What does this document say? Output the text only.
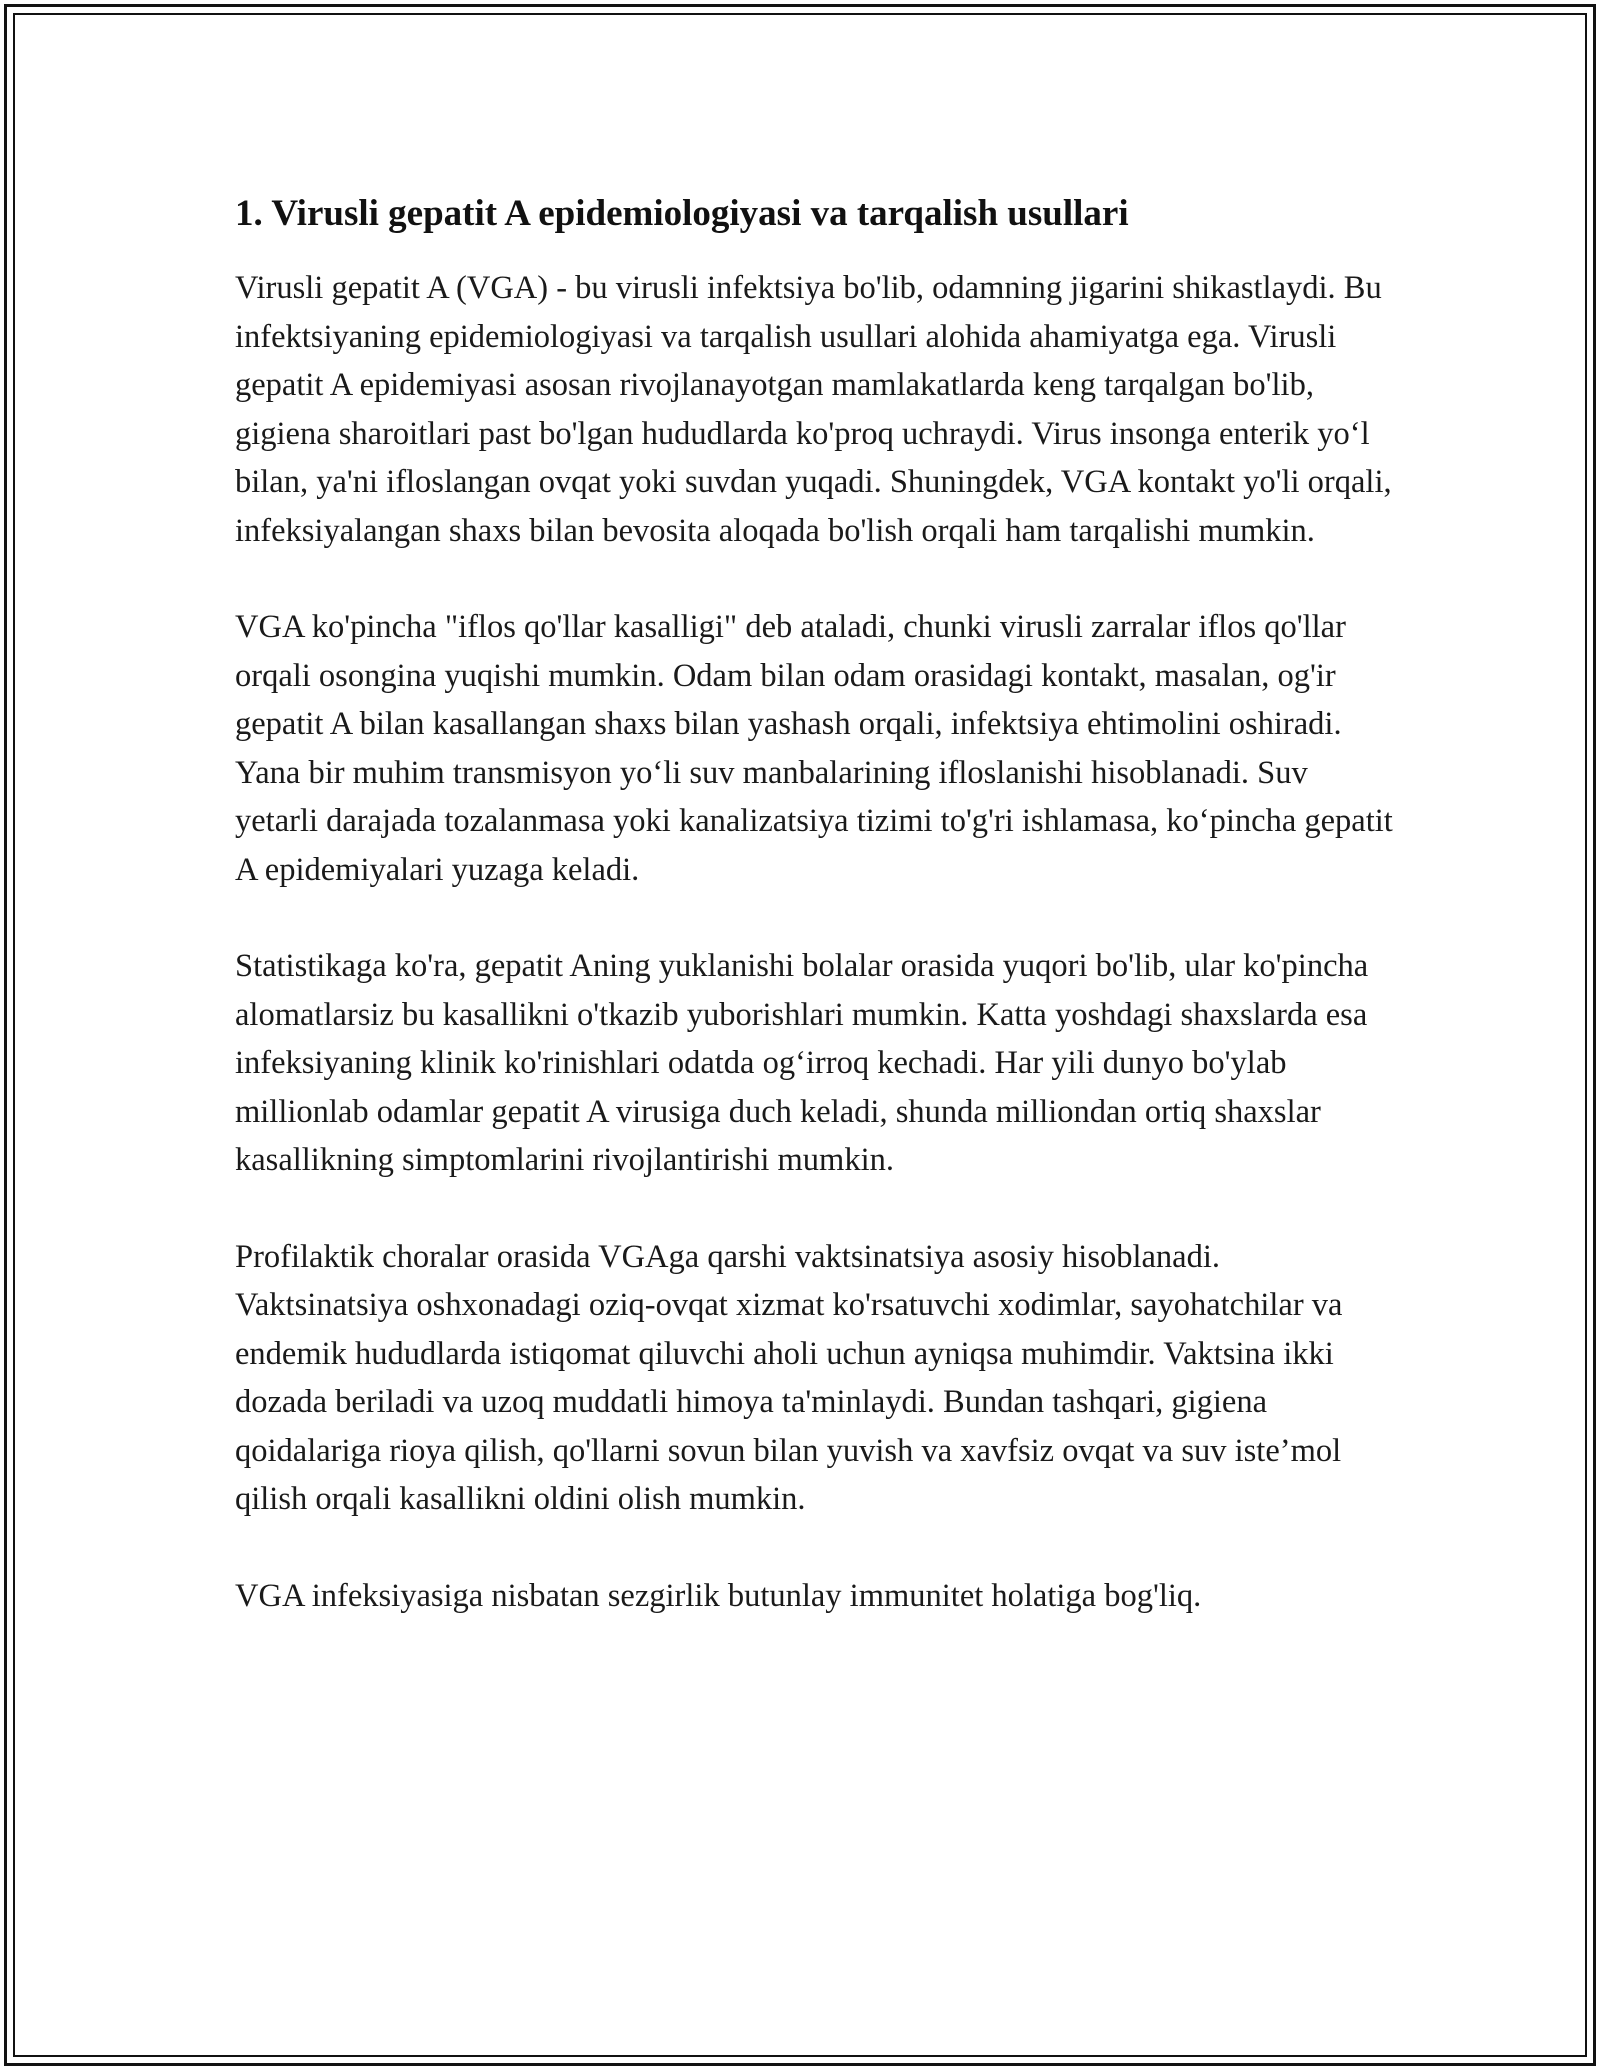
1. Virusli gepatit A epidemiologiyasi va tarqalish usullari

Virusli gepatit A (VGA) - bu virusli infektsiya bo'lib, odamning jigarini shikastlaydi. Bu infektsiyaning epidemiologiyasi va tarqalish usullari alohida ahamiyatga ega. Virusli gepatit A epidemiyasi asosan rivojlanayotgan mamlakatlarda keng tarqalgan bo'lib, gigiena sharoitlari past bo'lgan hududlarda ko'proq uchraydi. Virus insonga enterik yo‘l bilan, ya'ni ifloslangan ovqat yoki suvdan yuqadi. Shuningdek, VGA kontakt yo'li orqali, infeksiyalangan shaxs bilan bevosita aloqada bo'lish orqali ham tarqalishi mumkin.

VGA ko'pincha "iflos qo'llar kasalligi" deb ataladi, chunki virusli zarralar iflos qo'llar orqali osongina yuqishi mumkin. Odam bilan odam orasidagi kontakt, masalan, og'ir gepatit A bilan kasallangan shaxs bilan yashash orqali, infektsiya ehtimolini oshiradi. Yana bir muhim transmisyon yo‘li suv manbalarining ifloslanishi hisoblanadi. Suv yetarli darajada tozalanmasa yoki kanalizatsiya tizimi to'g'ri ishlamasa, ko‘pincha gepatit A epidemiyalari yuzaga keladi.

Statistikaga ko'ra, gepatit Aning yuklanishi bolalar orasida yuqori bo'lib, ular ko'pincha alomatlarsiz bu kasallikni o'tkazib yuborishlari mumkin. Katta yoshdagi shaxslarda esa infeksiyaning klinik ko'rinishlari odatda og‘irroq kechadi. Har yili dunyo bo'ylab millionlab odamlar gepatit A virusiga duch keladi, shunda milliondan ortiq shaxslar kasallikning simptomlarini rivojlantirishi mumkin.

Profilaktik choralar orasida VGAga qarshi vaktsinatsiya asosiy hisoblanadi. Vaktsinatsiya oshxonadagi oziq-ovqat xizmat ko'rsatuvchi xodimlar, sayohatchilar va endemik hududlarda istiqomat qiluvchi aholi uchun ayniqsa muhimdir. Vaktsina ikki dozada beriladi va uzoq muddatli himoya ta'minlaydi. Bundan tashqari, gigiena qoidalariga rioya qilish, qo'llarni sovun bilan yuvish va xavfsiz ovqat va suv iste’mol qilish orqali kasallikni oldini olish mumkin.

VGA infeksiyasiga nisbatan sezgirlik butunlay immunitet holatiga bog'liq.
